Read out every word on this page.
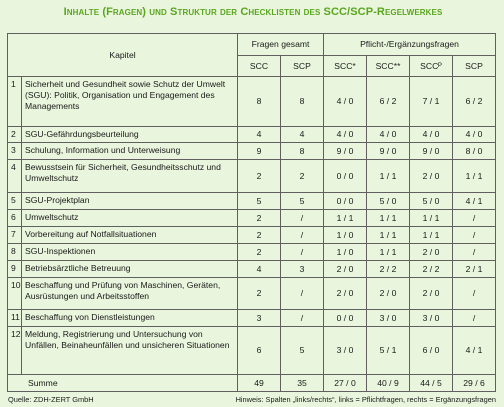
Inhalte (Fragen) und Struktur der Checklisten des SCC/SCP-Regelwerkes
Kapitel		Fragen gesamt		Pflicht-/Ergänzungsfragen			
		SCC	SCP	SCC*	SCC**	SCCᴾ	SCP
1	Sicherheit und Gesundheit sowie Schutz der Umwelt (SGU): Politik, Organisation und Engagement des Managements	8	8	4 / 0	6 / 2	7 / 1	6 / 2
2	SGU-Gefährdungsbeurteilung	4	4	4 / 0	4 / 0	4 / 0	4 / 0
3	Schulung, Information und Unterweisung	9	8	9 / 0	9 / 0	9 / 0	8 / 0
4	Bewusstsein für Sicherheit, Gesundheitsschutz und Umweltschutz	2	2	0 / 0	1 / 1	2 / 0	1 / 1
5	SGU-Projektplan	5	5	0 / 0	5 / 0	5 / 0	4 / 1
6	Umweltschutz	2	/	1 / 1	1 / 1	1 / 1	/
7	Vorbereitung auf Notfallsituationen	2	/	1 / 0	1 / 1	1 / 1	/
8	SGU-Inspektionen	2	/	1 / 0	1 / 1	2 / 0	/
9	Betriebsärztliche Betreuung	4	3	2 / 0	2 / 2	2 / 2	2 / 1
10	Beschaffung und Prüfung von Maschinen, Geräten, Ausrüstungen und Arbeitsstoffen	2	/	2 / 0	2 / 0	2 / 0	/
11	Beschaffung von Dienstleistungen	3	/	0 / 0	3 / 0	3 / 0	/
12	Meldung, Registrierung und Untersuchung von Unfällen, Beinaheunfällen und unsicheren Situationen	6	5	3 / 0	5 / 1	6 / 0	4 / 1
Summe		49	35	27 / 0	40 / 9	44 / 5	29 / 6
Quelle: ZDH-ZERT GmbH	Hinweis: Spalten „links/rechts“, links = Pflichtfragen, rechts = Ergänzungsfragen
